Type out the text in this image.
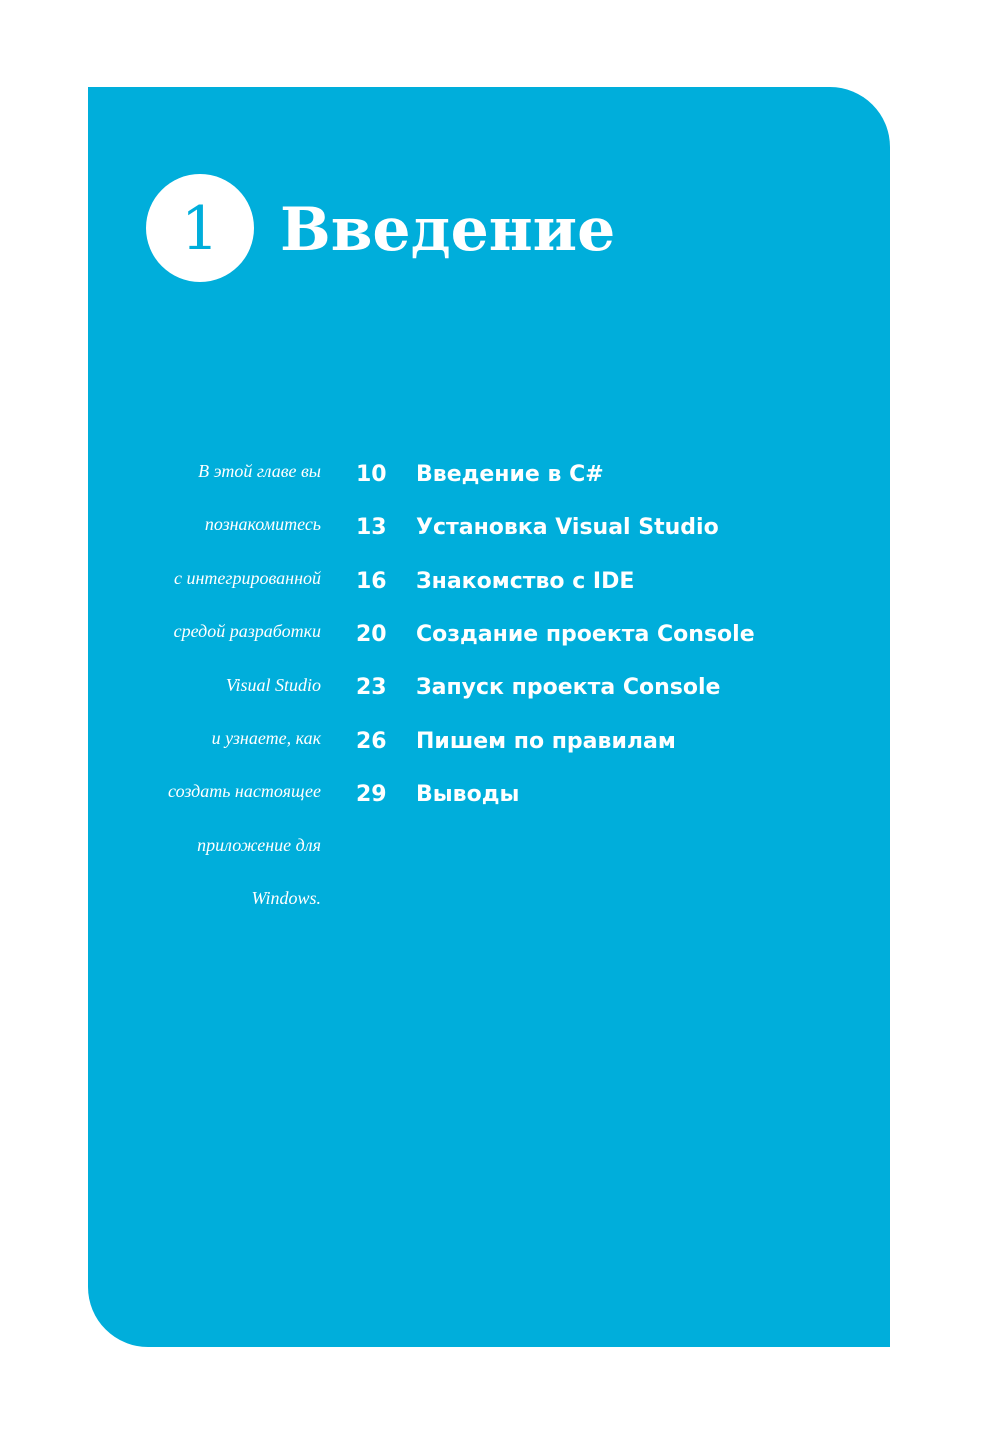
1 Введение
В этой главе вы
познакомитесь
с интегрированной
средой разработки
Visual Studio
и узнаете, как
создать настоящее
приложение для
Windows.
10	Введение в C#
13	Установка Visual Studio
16	Знакомство с IDE
20	Создание проекта Console
23	Запуск проекта Console
26	Пишем по правилам
29	Выводы
